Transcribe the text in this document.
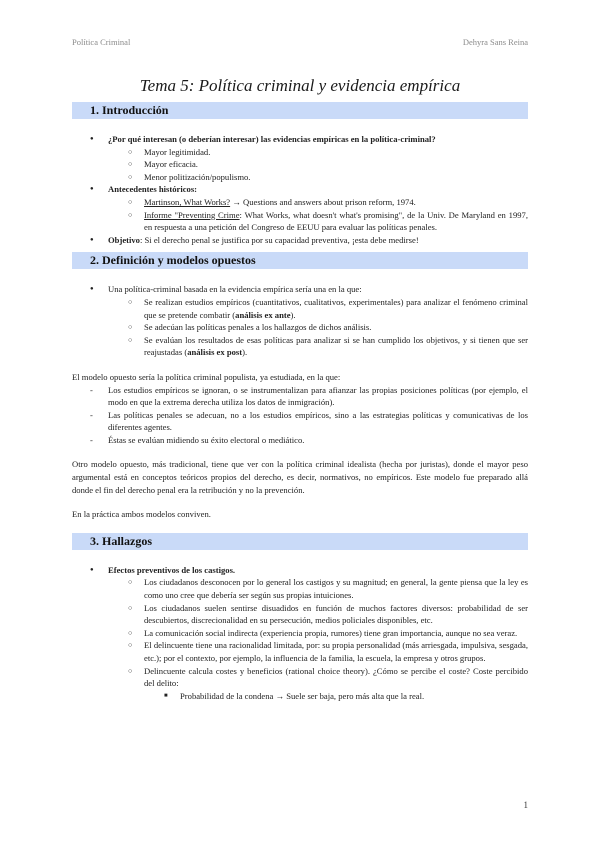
Política Criminal	Dehyra Sans Reina
Tema 5: Política criminal y evidencia empírica
1. Introducción
● ¿Por qué interesan (o deberían interesar) las evidencias empíricas en la política-criminal?
○ Mayor legitimidad.
○ Mayor eficacia.
○ Menor politización/populismo.
● Antecedentes históricos:
○ Martinson, What Works? → Questions and answers about prison reform, 1974.
○ Informe "Preventing Crime: What Works, what doesn't what's promising", de la Univ. De Maryland en 1997, en respuesta a una petición del Congreso de EEUU para evaluar las políticas penales.
● Objetivo: Si el derecho penal se justifica por su capacidad preventiva, ¡esta debe medirse!
2. Definición y modelos opuestos
● Una política-criminal basada en la evidencia empírica sería una en la que:
○ Se realizan estudios empíricos (cuantitativos, cualitativos, experimentales) para analizar el fenómeno criminal que se pretende combatir (análisis ex ante).
○ Se adecúan las políticas penales a los hallazgos de dichos análisis.
○ Se evalúan los resultados de esas políticas para analizar si se han cumplido los objetivos, y si tienen que ser reajustadas (análisis ex post).

El modelo opuesto sería la política criminal populista, ya estudiada, en la que:

- Los estudios empíricos se ignoran, o se instrumentalizan para afianzar las propias posiciones políticas (por ejemplo, el modo en que la extrema derecha utiliza los datos de inmigración).
- Las políticas penales se adecuan, no a los estudios empíricos, sino a las estrategias políticas y comunicativas de los diferentes agentes.
- Éstas se evalúan midiendo su éxito electoral o mediático.

Otro modelo opuesto, más tradicional, tiene que ver con la política criminal idealista (hecha por juristas), donde el mayor peso argumental está en conceptos teóricos propios del derecho, es decir, normativos, no empíricos. Este modelo fue preparado allá donde el fin del derecho penal era la retribución y no la prevención.

En la práctica ambos modelos conviven.

3. Hallazgos
● Efectos preventivos de los castigos.
○ Los ciudadanos desconocen por lo general los castigos y su magnitud; en general, la gente piensa que la ley es como uno cree que debería ser según sus propias intuiciones.
○ Los ciudadanos suelen sentirse disuadidos en función de muchos factores diversos: probabilidad de ser descubiertos, discrecionalidad en su persecución, medios policiales disponibles, etc.
○ La comunicación social indirecta (experiencia propia, rumores) tiene gran importancia, aunque no sea veraz.
○ El delincuente tiene una racionalidad limitada, por: su propia personalidad (más arriesgada, impulsiva, sesgada, etc.); por el contexto, por ejemplo, la influencia de la familia, la escuela, la empresa y otros grupos.
○ Delincuente calcula costes y beneficios (rational choice theory). ¿Cómo se percibe el coste? Coste percibido del delito:
■ Probabilidad de la condena → Suele ser baja, pero más alta que la real.
1
